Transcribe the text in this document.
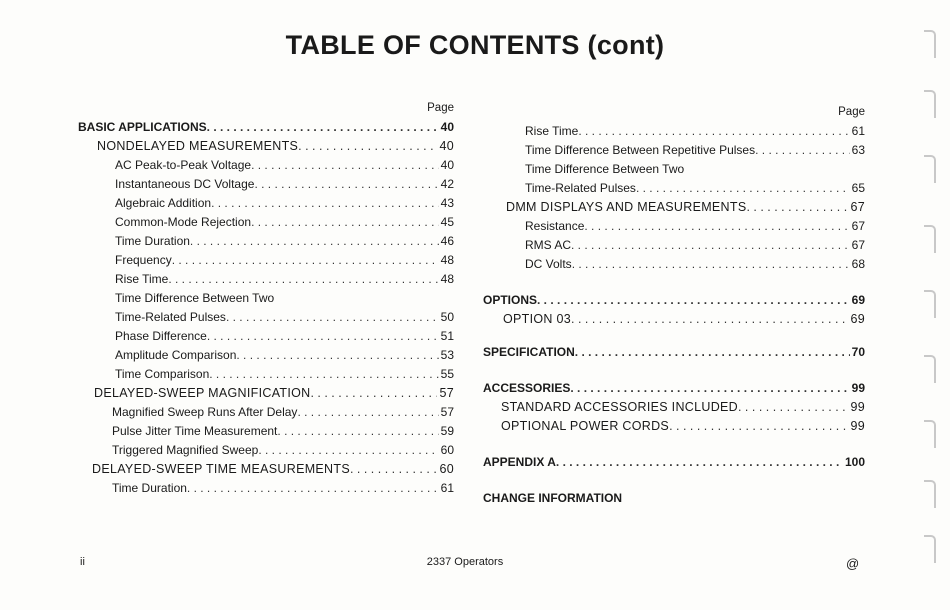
TABLE OF CONTENTS (cont)
Page
BASIC APPLICATIONS . . .	40
NONDELAYED MEASUREMENTS . . .	40
AC Peak-to-Peak Voltage . . .	40
Instantaneous DC Voltage . . .	42
Algebraic Addition . . .	43
Common-Mode Rejection . . .	45
Time Duration . . .	46
Frequency . . .	48
Rise Time . . .	48
Time Difference Between Two
Time-Related Pulses . . .	50
Phase Difference . . .	51
Amplitude Comparison . . .	53
Time Comparison . . .	55
DELAYED-SWEEP MAGNIFICATION . . .	57
Magnified Sweep Runs After Delay . . .	57
Pulse Jitter Time Measurement . . .	59
Triggered Magnified Sweep . . .	60
DELAYED-SWEEP TIME MEASUREMENTS . . .	60
Time Duration . . .	61
Page
Rise Time . . .	61
Time Difference Between Repetitive Pulses . . .	63
Time Difference Between Two
Time-Related Pulses . . .	65
DMM DISPLAYS AND MEASUREMENTS . . .	67
Resistance . . .	67
RMS AC . . .	67
DC Volts . . .	68
OPTIONS . . .	69
OPTION 03 . . .	69
SPECIFICATION . . .	70
ACCESSORIES . . .	99
STANDARD ACCESSORIES INCLUDED . . .	99
OPTIONAL POWER CORDS . . .	99
APPENDIX A . . .	100
CHANGE INFORMATION
ii	2337 Operators	@
